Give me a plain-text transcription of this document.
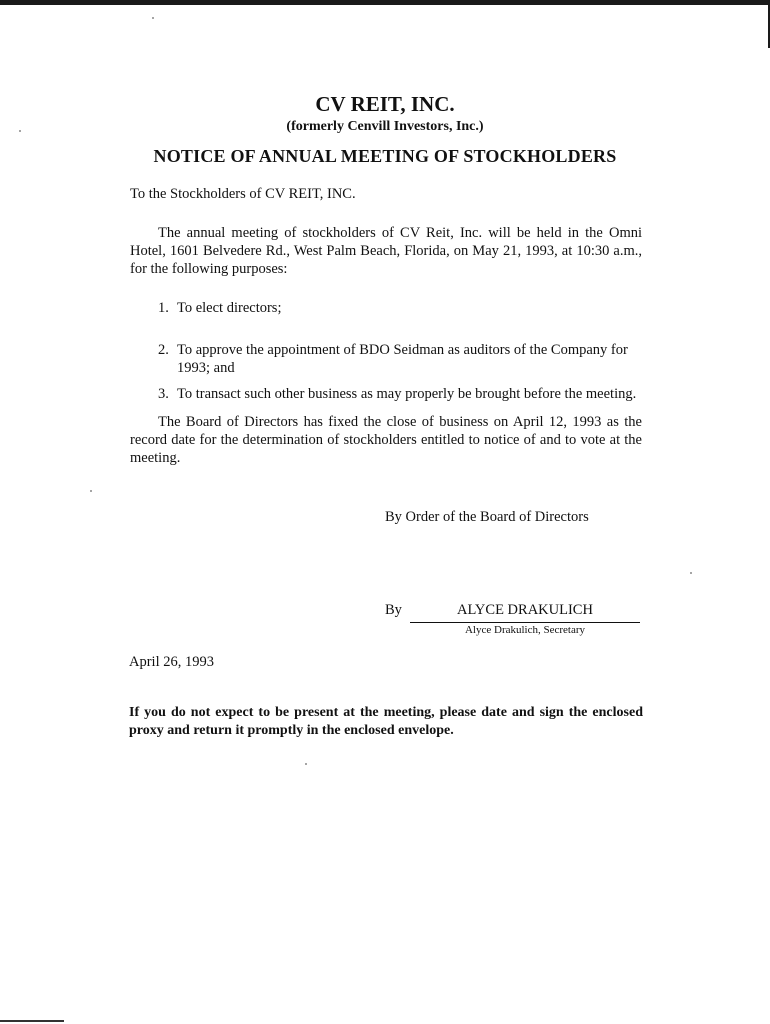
CV REIT, INC.
(formerly Cenvill Investors, Inc.)
NOTICE OF ANNUAL MEETING OF STOCKHOLDERS
To the Stockholders of CV REIT, INC.
The annual meeting of stockholders of CV Reit, Inc. will be held in the Omni Hotel, 1601 Belvedere Rd., West Palm Beach, Florida, on May 21, 1993, at 10:30 a.m., for the following purposes:
1. To elect directors;
2. To approve the appointment of BDO Seidman as auditors of the Company for
1993; and
3. To transact such other business as may properly be brought before the meeting.
The Board of Directors has fixed the close of business on April 12, 1993 as the record date for the determination of stockholders entitled to notice of and to vote at the meeting.
By Order of the Board of Directors
By	ALYCE DRAKULICH
Alyce Drakulich, Secretary
April 26, 1993
If you do not expect to be present at the meeting, please date and sign the enclosed proxy and return it promptly in the enclosed envelope.
